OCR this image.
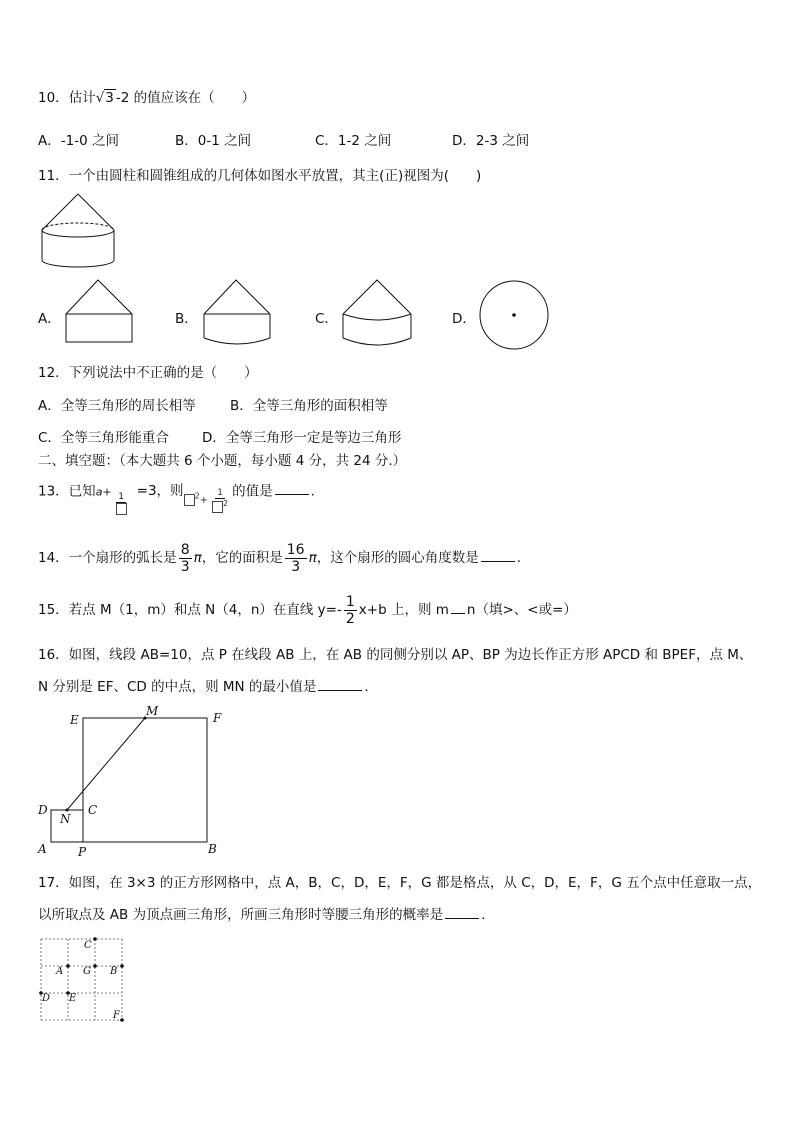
10．估计√3 -2 的值应该在（　　）
A．-1-0 之间	B．0-1 之间	C．1-2 之间	D．2-3 之间
11．一个由圆柱和圆锥组成的几何体如图水平放置，其主(正)视图为(　　)
A．	B．	C．	D．
12．下列说法中不正确的是（　　）
A．全等三角形的周长相等	B．全等三角形的面积相等
C．全等三角形能重合 D．全等三角形一定是等边三角形
二、填空题：（本大题共 6 个小题，每小题 4 分，共 24 分.）
13．已知a+ 1 =3，则 $_{^2+ \frac{1}{2}}$ 的值是	.
14．一个扇形的弧长是 $\frac{8}{3}$ π，它的面积是 $\frac{16}{3}$ π，这个扇形的圆心角度数是	.
15．若点 M（1，m）和点 N（4，n）在直线 $y=- \frac{1}{2} x+b$ 上，则 m n（填>、<或=）
16．如图，线段 AB=10，点 P 在线段 AB 上，在 AB 的同侧分别以 AP、BP 为边长作正方形 APCD 和 BPEF，点 M、
N 分别是 EF、CD 的中点，则 MN 的最小值是	.
E
M	F
D
N
C
A	P	B
17．如图，在 3×3 的正方形网格中，点 A，B，C，D，E，F，G 都是格点，从 C，D，E，F，G 五个点中任意取一点，
以所取点及 AB 为顶点画三角形，所画三角形时等腰三角形的概率是	.
C
A G B
D E
F
